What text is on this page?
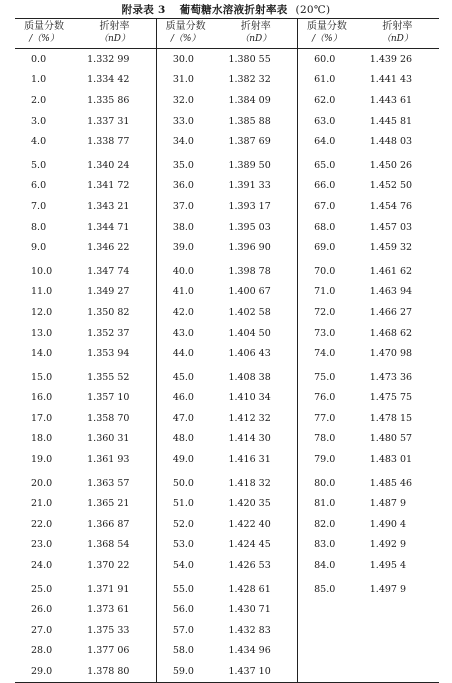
附录表 3 葡萄糖水溶液折射率表 (20℃)
质量分数	折射率	质量分数	折射率	质量分数	折射率
/（%）	（nD）	/（%）	（nD）	/（%）	（nD）
0.0	1.332 99	30.0	1.380 55	60.0	1.439 26
1.0	1.334 42	31.0	1.382 32	61.0	1.441 43
2.0	1.335 86	32.0	1.384 09	62.0	1.443 61
3.0	1.337 31	33.0	1.385 88	63.0	1.445 81
4.0	1.338 77	34.0	1.387 69	64.0	1.448 03
5.0	1.340 24	35.0	1.389 50	65.0	1.450 26
6.0	1.341 72	36.0	1.391 33	66.0	1.452 50
7.0	1.343 21	37.0	1.393 17	67.0	1.454 76
8.0	1.344 71	38.0	1.395 03	68.0	1.457 03
9.0	1.346 22	39.0	1.396 90	69.0	1.459 32
10.0	1.347 74	40.0	1.398 78	70.0	1.461 62
11.0	1.349 27	41.0	1.400 67	71.0	1.463 94
12.0	1.350 82	42.0	1.402 58	72.0	1.466 27
13.0	1.352 37	43.0	1.404 50	73.0	1.468 62
14.0	1.353 94	44.0	1.406 43	74.0	1.470 98
15.0	1.355 52	45.0	1.408 38	75.0	1.473 36
16.0	1.357 10	46.0	1.410 34	76.0	1.475 75
17.0	1.358 70	47.0	1.412 32	77.0	1.478 15
18.0	1.360 31	48.0	1.414 30	78.0	1.480 57
19.0	1.361 93	49.0	1.416 31	79.0	1.483 01
20.0	1.363 57	50.0	1.418 32	80.0	1.485 46
21.0	1.365 21	51.0	1.420 35	81.0	1.487 9
22.0	1.366 87	52.0	1.422 40	82.0	1.490 4
23.0	1.368 54	53.0	1.424 45	83.0	1.492 9
24.0	1.370 22	54.0	1.426 53	84.0	1.495 4
25.0	1.371 91	55.0	1.428 61	85.0	1.497 9
26.0	1.373 61	56.0	1.430 71		
27.0	1.375 33	57.0	1.432 83		
28.0	1.377 06	58.0	1.434 96		
29.0	1.378 80	59.0	1.437 10		
